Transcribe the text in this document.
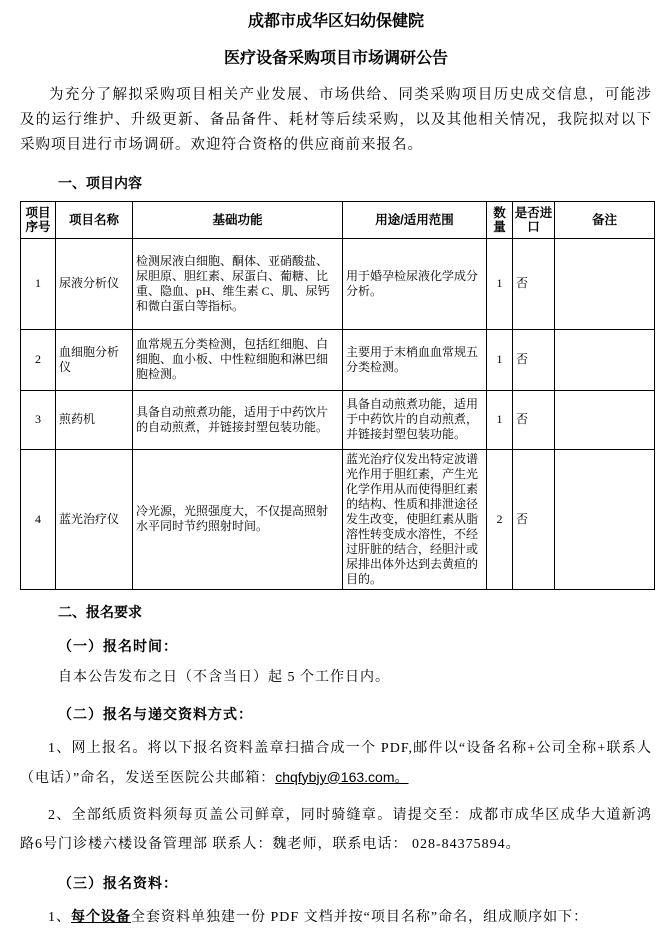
成都市成华区妇幼保健院
医疗设备采购项目市场调研公告

为充分了解拟采购项目相关产业发展、市场供给、同类采购项目历史成交信息，可能涉及的运行维护、升级更新、备品备件、耗材等后续采购，以及其他相关情况，我院拟对以下采购项目进行市场调研。欢迎符合资格的供应商前来报名。

一、项目内容
项目序号	项目名称	基础功能	用途/适用范围	数量	是否进口	备注
1	尿液分析仪	检测尿液白细胞、酮体、亚硝酸盐、尿胆原、胆红素、尿蛋白、葡糖、比重、隐血、pH、维生素 C、肌、尿钙和微白蛋白等指标。	用于婚孕检尿液化学成分分析。	1	否	
2	血细胞分析仪	血常规五分类检测，包括红细胞、白细胞、血小板、中性粒细胞和淋巴细胞检测。	主要用于末梢血血常规五分类检测。	1	否	
3	煎药机	具备自动煎煮功能，适用于中药饮片的自动煎煮，并链接封塑包装功能。	具备自动煎煮功能，适用于中药饮片的自动煎煮，并链接封塑包装功能。	1	否	
4	蓝光治疗仪	冷光源，光照强度大，不仅提高照射水平同时节约照射时间。	蓝光治疗仪发出特定波谱光作用于胆红素，产生光化学作用从而使得胆红素的结构、性质和排泄途径发生改变，使胆红素从脂溶性转变成水溶性，不经过肝脏的结合，经胆汁或尿排出体外达到去黄疸的目的。	2	否	
二、报名要求
（一）报名时间：
自本公告发布之日（不含当日）起 5 个工作日内。
（二）报名与递交资料方式：

1、网上报名。将以下报名资料盖章扫描合成一个 PDF,邮件以“设备名称+公司全称+联系人（电话）”命名，发送至医院公共邮箱：chqfybjy@163.com。

2、全部纸质资料须每页盖公司鲜章，同时骑缝章。请提交至：成都市成华区成华大道新鸿路6号门诊楼六楼设备管理部 联系人：魏老师，联系电话： 028-84375894。

（三）报名资料：

1、每个设备全套资料单独建一份 PDF 文档并按“项目名称”命名，组成顺序如下：
